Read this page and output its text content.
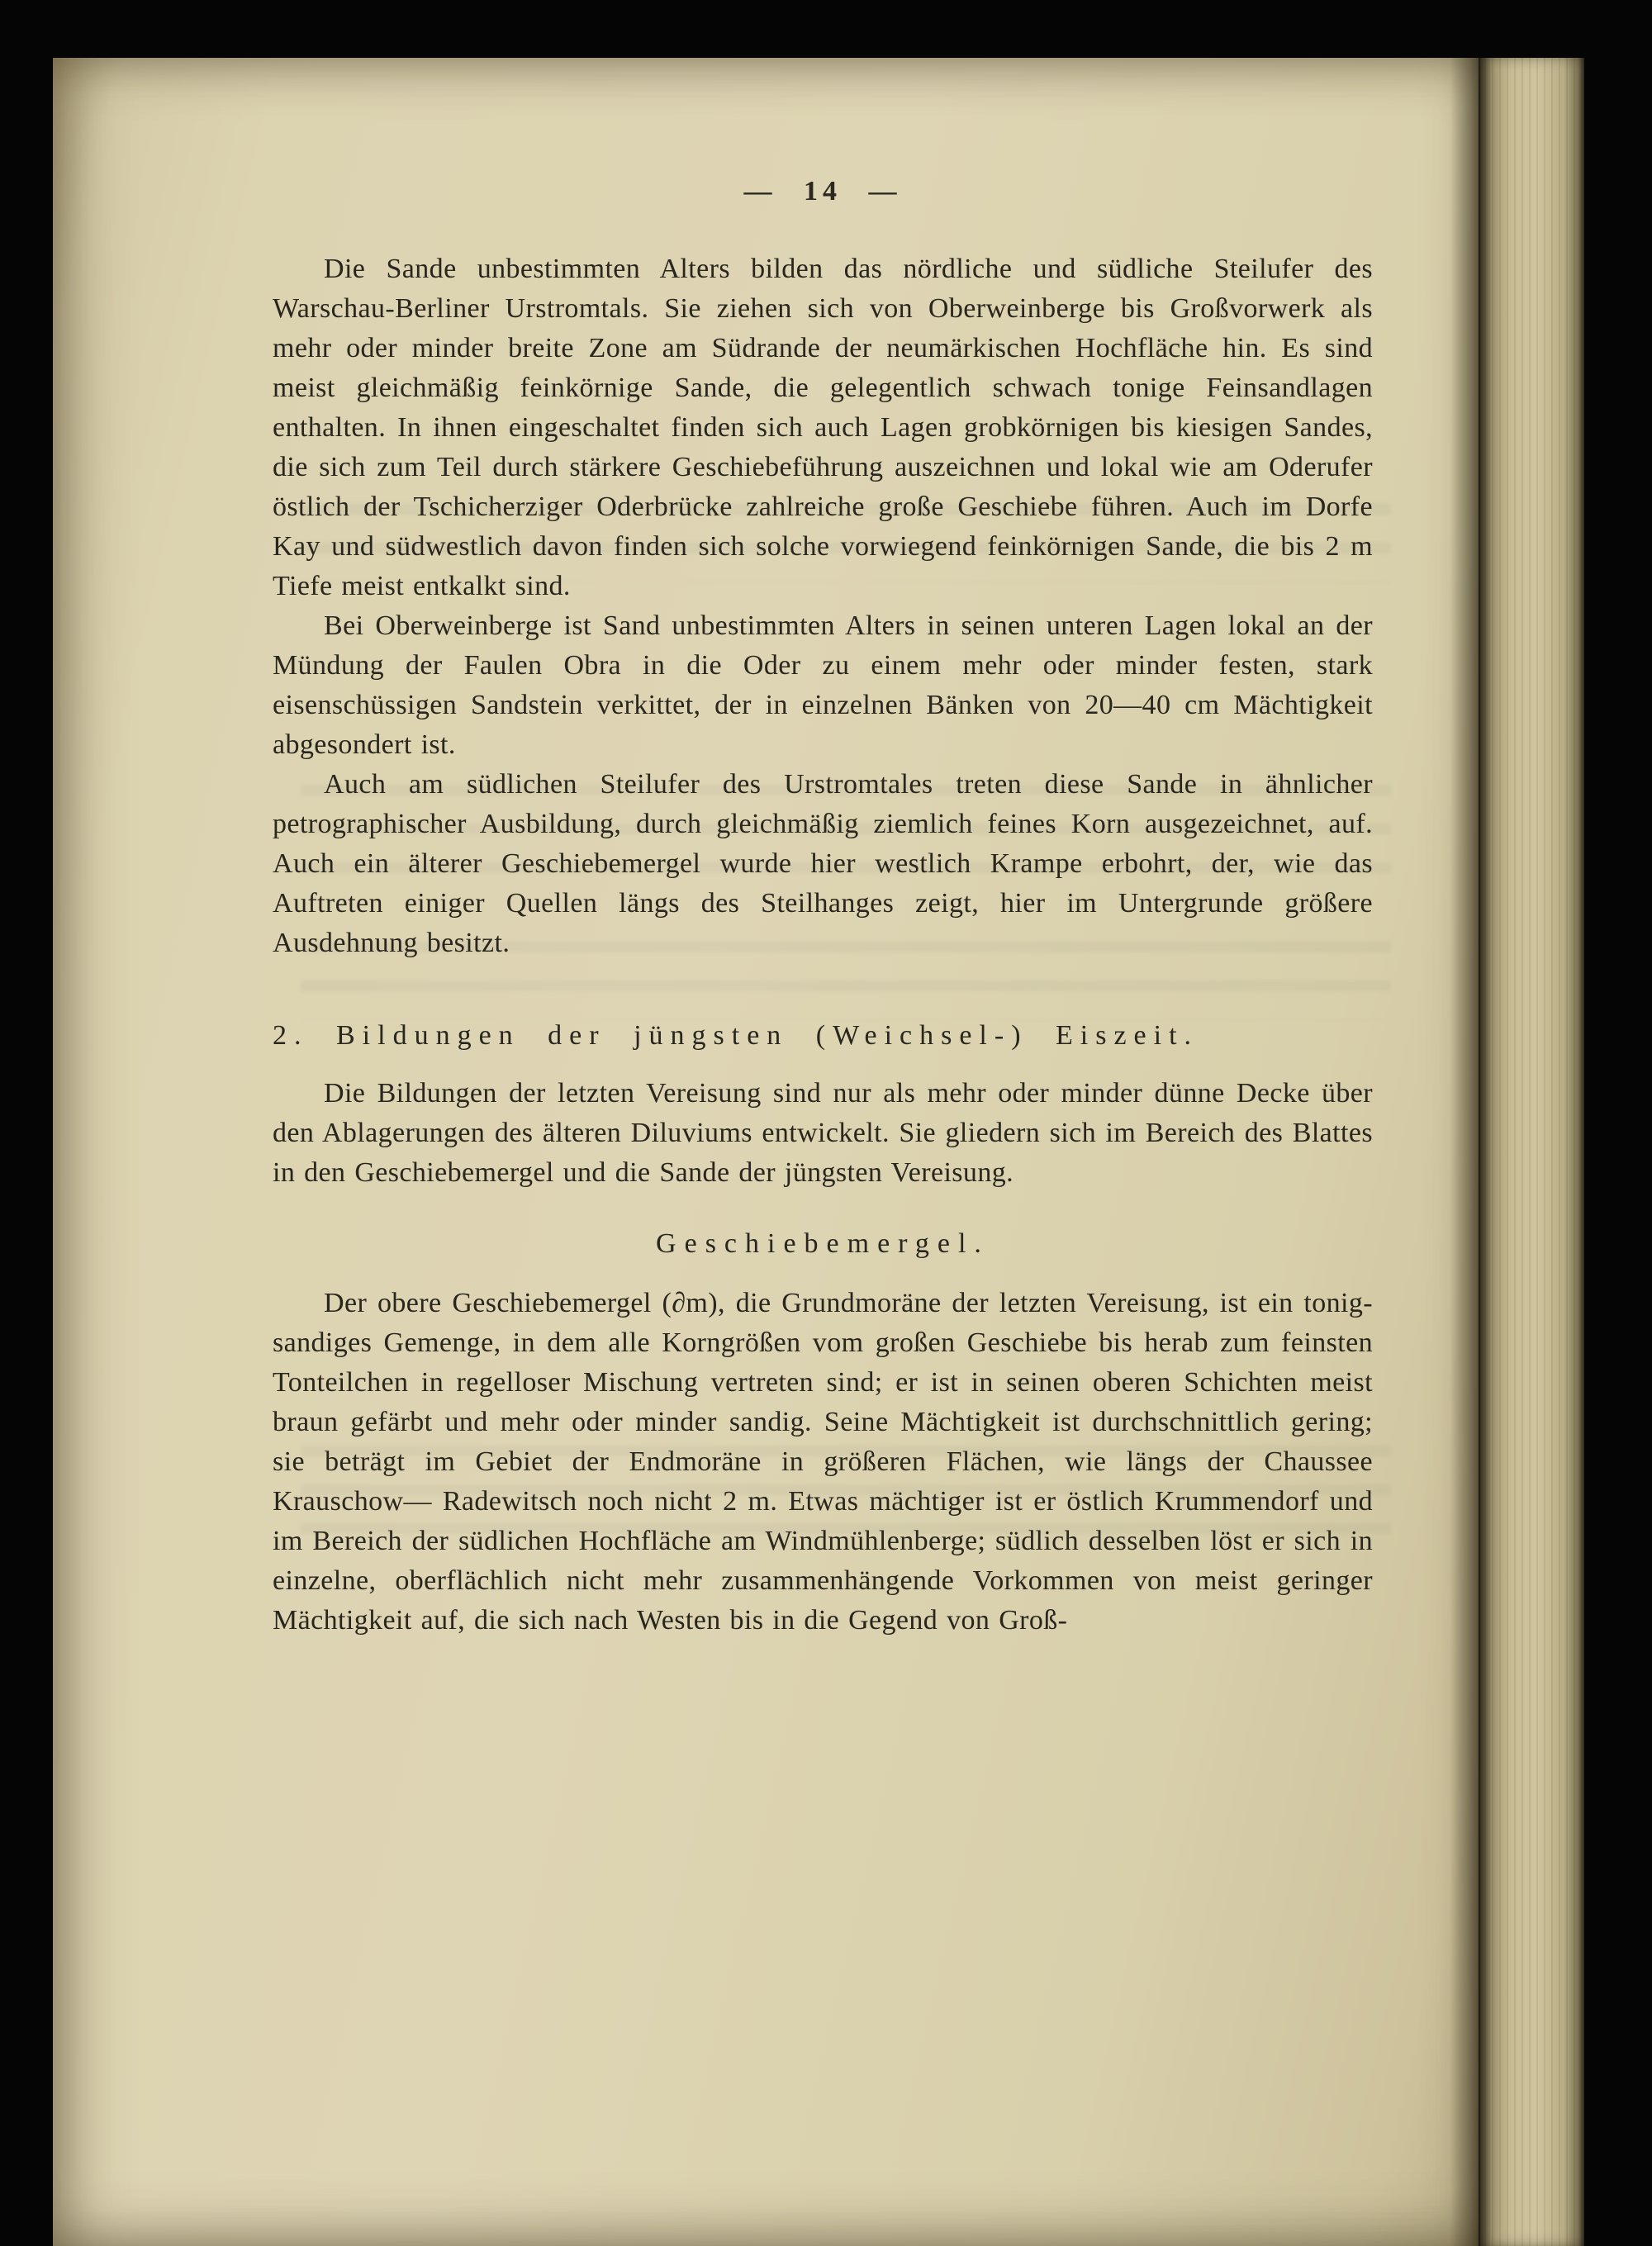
— 14 —

Die Sande unbestimmten Alters bilden das nördliche und südliche Steilufer des Warschau-Berliner Urstromtals. Sie ziehen sich von Oberweinberge bis Großvorwerk als mehr oder minder breite Zone am Südrande der neumärkischen Hochfläche hin. Es sind meist gleichmäßig feinkörnige Sande, die gelegentlich schwach tonige Feinsandlagen enthalten. In ihnen eingeschaltet finden sich auch Lagen grobkörnigen bis kiesigen Sandes, die sich zum Teil durch stärkere Geschiebeführung auszeichnen und lokal wie am Oderufer östlich der Tschicherziger Oderbrücke zahlreiche große Geschiebe führen. Auch im Dorfe Kay und südwestlich davon finden sich solche vorwiegend feinkörnigen Sande, die bis 2 m Tiefe meist entkalkt sind.

Bei Oberweinberge ist Sand unbestimmten Alters in seinen unteren Lagen lokal an der Mündung der Faulen Obra in die Oder zu einem mehr oder minder festen, stark eisenschüssigen Sandstein verkittet, der in einzelnen Bänken von 20—40 cm Mächtigkeit abgesondert ist.

Auch am südlichen Steilufer des Urstromtales treten diese Sande in ähnlicher petrographischer Ausbildung, durch gleichmäßig ziemlich feines Korn ausgezeichnet, auf. Auch ein älterer Geschiebemergel wurde hier westlich Krampe erbohrt, der, wie das Auftreten einiger Quellen längs des Steilhanges zeigt, hier im Untergrunde größere Ausdehnung besitzt.

2. Bildungen der jüngsten (Weichsel-) Eiszeit.

Die Bildungen der letzten Vereisung sind nur als mehr oder minder dünne Decke über den Ablagerungen des älteren Diluviums entwickelt. Sie gliedern sich im Bereich des Blattes in den Geschiebemergel und die Sande der jüngsten Vereisung.

Geschiebemergel.

Der obere Geschiebemergel (∂m), die Grundmoräne der letzten Vereisung, ist ein tonig-sandiges Gemenge, in dem alle Korngrößen vom großen Geschiebe bis herab zum feinsten Tonteilchen in regelloser Mischung vertreten sind; er ist in seinen oberen Schichten meist braun gefärbt und mehr oder minder sandig. Seine Mächtigkeit ist durchschnittlich gering; sie beträgt im Gebiet der Endmoräne in größeren Flächen, wie längs der Chaussee Krauschow— Radewitsch noch nicht 2 m. Etwas mächtiger ist er östlich Krummendorf und im Bereich der südlichen Hochfläche am Windmühlenberge; südlich desselben löst er sich in einzelne, oberflächlich nicht mehr zusammenhängende Vorkommen von meist geringer Mächtigkeit auf, die sich nach Westen bis in die Gegend von Groß-
